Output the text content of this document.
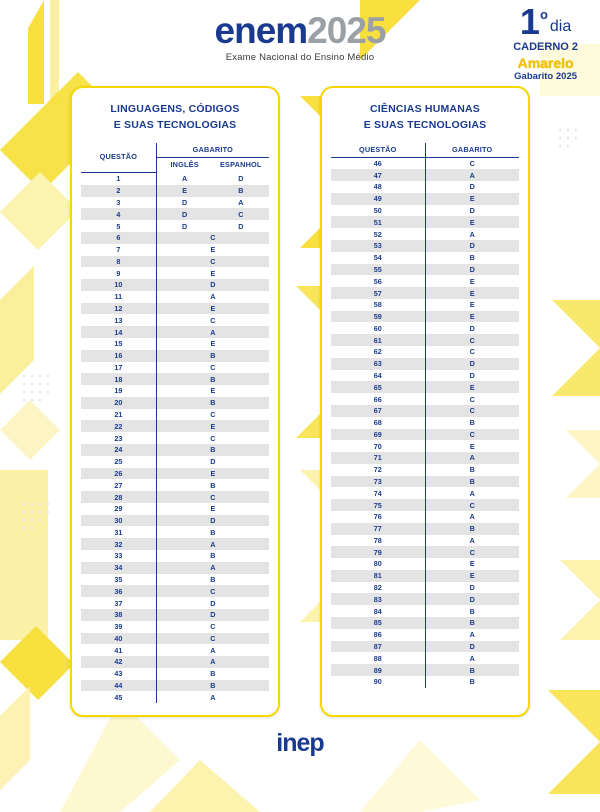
enem2025
Exame Nacional do Ensino Médio
1 o
dia
CADERNO 2
Amarelo
Gabarito 2025
LINGUAGENS, CÓDIGOS
E SUAS TECNOLOGIAS
QUESTÃO	GABARITO	
	INGLÊS	ESPANHOL
1	A	D
2	E	B
3	D	A
4	D	C
5	D	D
6	C	
7	E	
8	C	
9	E	
10	D	
11	A	
12	E	
13	C	
14	A	
15	E	
16	B	
17	C	
18	B	
19	E	
20	B	
21	C	
22	E	
23	C	
24	B	
25	D	
26	E	
27	B	
28	C	
29	E	
30	D	
31	B	
32	A	
33	B	
34	A	
35	B	
36	C	
37	D	
38	D	
39	C	
40	C	
41	A	
42	A	
43	B	
44	B	
45	A	
CIÊNCIAS HUMANAS
E SUAS TECNOLOGIAS
QUESTÃO	GABARITO
46	C
47	A
48	D
49	E
50	D
51	E
52	A
53	D
54	B
55	D
56	E
57	E
58	E
59	E
60	D
61	C
62	C
63	D
64	D
65	E
66	C
67	C
68	B
69	C
70	E
71	A
72	B
73	B
74	A
75	C
76	A
77	B
78	A
79	C
80	E
81	E
82	D
83	D
84	B
85	B
86	A
87	D
88	A
89	B
90	B
inep
